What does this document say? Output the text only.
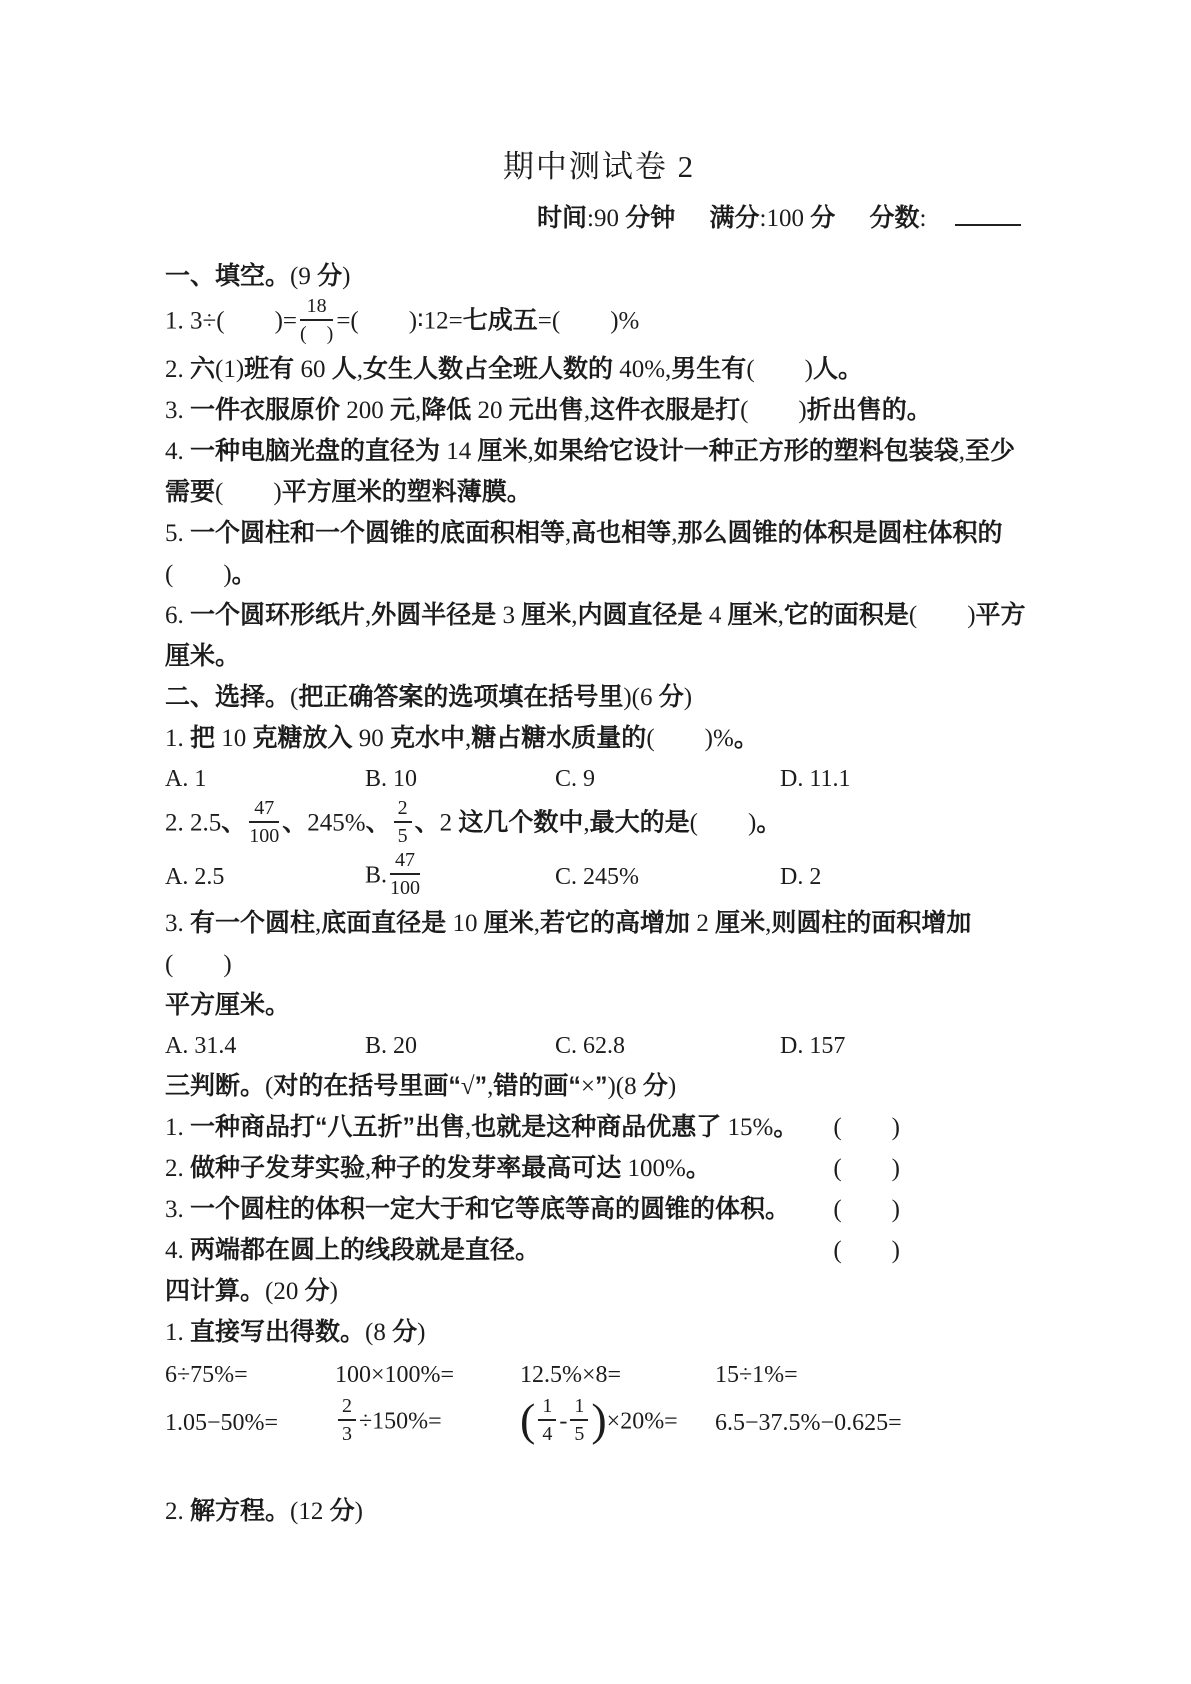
期中测试卷 2
时间:90 分钟 满分:100 分 分数:
一、填空。(9 分)
1. 3÷(　　 )= $\frac{18}{( )}$ =(　　 )∶12=七成五=(　　 )%
2. 六(1)班有 60 人,女生人数占全班人数的 40%,男生有(　　 )人。
3. 一件衣服原价 200 元,降低 20 元出售,这件衣服是打(　　 )折出售的。
4. 一种电脑光盘的直径为 14 厘米,如果给它设计一种正方形的塑料包装袋,至少
需要(　　 )平方厘米的塑料薄膜。
5. 一个圆柱和一个圆锥的底面积相等,高也相等,那么圆锥的体积是圆柱体积的
(　　 )。
6. 一个圆环形纸片,外圆半径是 3 厘米,内圆直径是 4 厘米,它的面积是(　　 )平方
厘米。
二、选择。(把正确答案的选项填在括号里)(6 分)
1. 把 10 克糖放入 90 克水中,糖占糖水质量的(　　 )%。
A. 1	B. 10	C. 9	D. 11.1
2. 2.5、 $\frac{47}{100}$ 、245%、 $\frac{2}{5}$ 、2 这几个数中,最大的是(　　 )。
A. 2.5	B. $\frac{47}{100}$	C. 245%	D. 2
3. 有一个圆柱,底面直径是 10 厘米,若它的高增加 2 厘米,则圆柱的面积增加(　　 )
平方厘米。
A. 31.4	B. 20	C. 62.8	D. 157
三判断。(对的在括号里画“√”,错的画“×”)(8 分)
1. 一种商品打“八五折”出售,也就是这种商品优惠了 15%。 (　　)
2. 做种子发芽实验,种子的发芽率最高可达 100%。	(　　)
3. 一个圆柱的体积一定大于和它等底等高的圆锥的体积。 (　　)
4. 两端都在圆上的线段就是直径。	(　　)
四计算。(20 分)
1. 直接写出得数。(8 分)
6÷75%=	100×100%=	12.5%×8=	15÷1%=
1.05−50%=	$\frac{2}{3} \div 150\%=$	( $\frac{1}{4} - \frac{1}{5} )\times 20\%=$	6.5−37.5%−0.625=
2. 解方程。(12 分)
